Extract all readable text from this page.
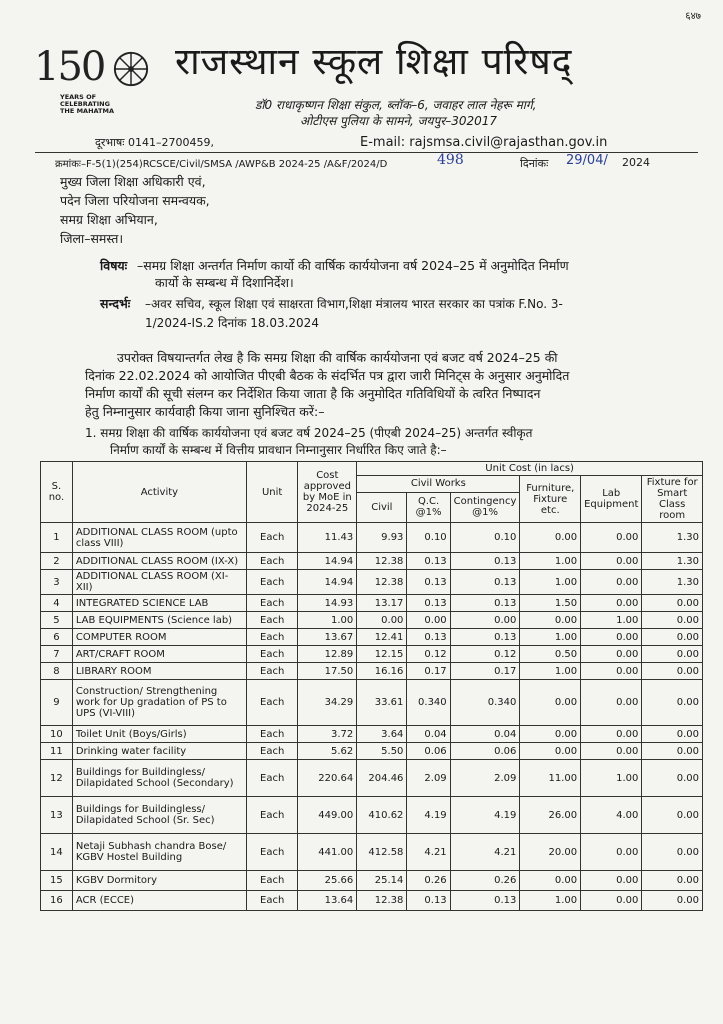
६४७
150
YEARS OF
CELEBRATING
THE MAHATMA
राजस्थान स्कूल शिक्षा परिषद्
डॉ0 राधाकृष्णन शिक्षा संकुल, ब्लॉक–6, जवाहर लाल नेहरू मार्ग,
ओटीएस पुलिया के सामने, जयपुर–302017
दूरभाषः 0141–2700459,	E-mail: rajsmsa.civil@rajasthan.gov.in
क्रमांकः–F-5(1)(254)RCSCE/Civil/SMSA /AWP&B 2024-25 /A&F/2024/D	498	दिनांकः 29/04/ 2024
मुख्य जिला शिक्षा अधिकारी एवं,
पदेन जिला परियोजना समन्वयक,
समग्र शिक्षा अभियान,
जिला–समस्त।
विषयः –समग्र शिक्षा अन्तर्गत निर्माण कार्यो की वार्षिक कार्ययोजना वर्ष 2024–25 में अनुमोदित निर्माण
कार्यो के सम्बन्ध में दिशानिर्देश।
सन्दर्भः –अवर सचिव, स्कूल शिक्षा एवं साक्षरता विभाग,शिक्षा मंत्रालय भारत सरकार का पत्रांक F.No. 3-
1/2024-IS.2 दिनांक 18.03.2024
उपरोक्त विषयान्तर्गत लेख है कि समग्र शिक्षा की वार्षिक कार्ययोजना एवं बजट वर्ष 2024–25 की
दिनांक 22.02.2024 को आयोजित पीएबी बैठक के संदर्भित पत्र द्वारा जारी मिनिट्स के अनुसार अनुमोदित
निर्माण कार्यों की सूची संलग्न कर निर्देशित किया जाता है कि अनुमोदित गतिविधियों के त्वरित निष्पादन
हेतु निम्नानुसार कार्यवाही किया जाना सुनिश्चित करें:–
1. समग्र शिक्षा की वार्षिक कार्ययोजना एवं बजट वर्ष 2024–25 (पीएबी 2024–25) अन्तर्गत स्वीकृत
निर्माण कार्यों के सम्बन्ध में वित्तीय प्रावधान निम्नानुसार निर्धारित किए जाते है:–
S. no.	Activity	Unit	Cost approved by MoE in 2024-25	Unit Cost (in lacs)					
				Civil Works			Furniture, Fixture etc.	Lab Equipment	Fixture for Smart Class room
				Civil	Q.C. @1%	Contingency @1%			
1	ADDITIONAL CLASS ROOM (upto class VIII)	Each	11.43	9.93	0.10	0.10	0.00	0.00	1.30
2	ADDITIONAL CLASS ROOM (IX-X)	Each	14.94	12.38	0.13	0.13	1.00	0.00	1.30
3	ADDITIONAL CLASS ROOM (XI-XII)	Each	14.94	12.38	0.13	0.13	1.00	0.00	1.30
4	INTEGRATED SCIENCE LAB	Each	14.93	13.17	0.13	0.13	1.50	0.00	0.00
5	LAB EQUIPMENTS (Science lab)	Each	1.00	0.00	0.00	0.00	0.00	1.00	0.00
6	COMPUTER ROOM	Each	13.67	12.41	0.13	0.13	1.00	0.00	0.00
7	ART/CRAFT ROOM	Each	12.89	12.15	0.12	0.12	0.50	0.00	0.00
8	LIBRARY ROOM	Each	17.50	16.16	0.17	0.17	1.00	0.00	0.00
9	Construction/ Strengthening work for Up gradation of PS to UPS (VI-VIII)	Each	34.29	33.61	0.340	0.340	0.00	0.00	0.00
10	Toilet Unit (Boys/Girls)	Each	3.72	3.64	0.04	0.04	0.00	0.00	0.00
11	Drinking water facility	Each	5.62	5.50	0.06	0.06	0.00	0.00	0.00
12	Buildings for Buildingless/ Dilapidated School (Secondary)	Each	220.64	204.46	2.09	2.09	11.00	1.00	0.00
13	Buildings for Buildingless/ Dilapidated School (Sr. Sec)	Each	449.00	410.62	4.19	4.19	26.00	4.00	0.00
14	Netaji Subhash chandra Bose/ KGBV Hostel Building	Each	441.00	412.58	4.21	4.21	20.00	0.00	0.00
15	KGBV Dormitory	Each	25.66	25.14	0.26	0.26	0.00	0.00	0.00
16	ACR (ECCE)	Each	13.64	12.38	0.13	0.13	1.00	0.00	0.00
